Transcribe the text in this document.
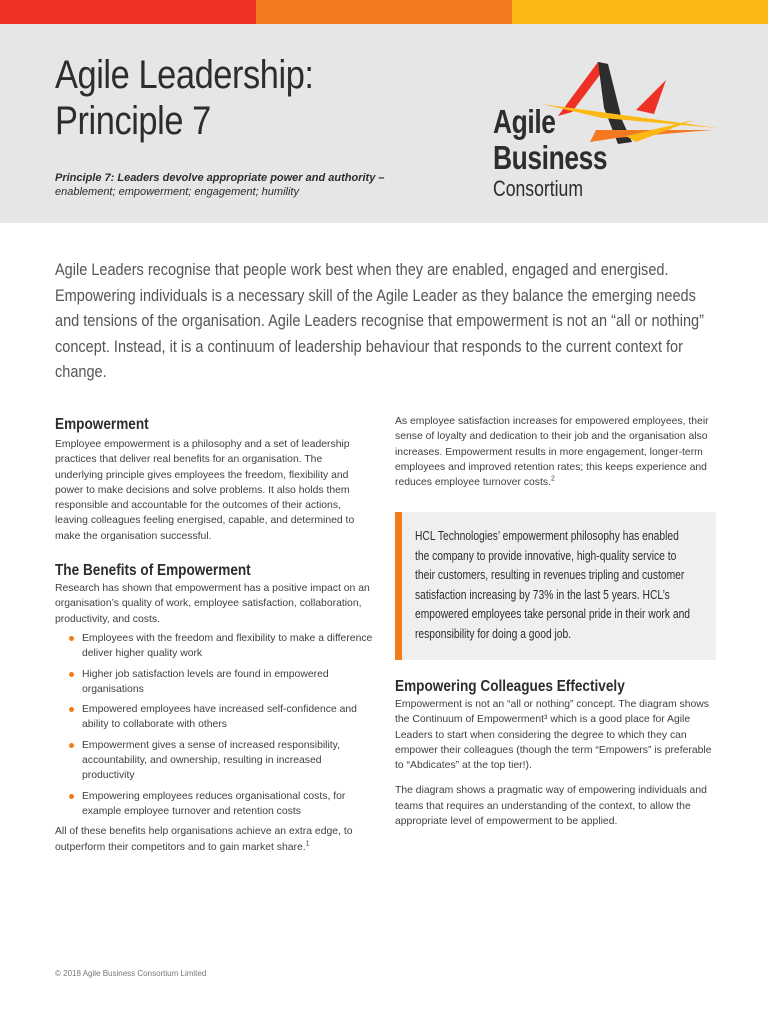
Agile Leadership:
Principle 7
Principle 7: Leaders devolve appropriate power and authority –
enablement; empowerment; engagement; humility
Agile
Business
Consortium

Agile Leaders recognise that people work best when they are enabled, engaged and energised. Empowering individuals is a necessary skill of the Agile Leader as they balance the emerging needs and tensions of the organisation. Agile Leaders recognise that empowerment is not an “all or nothing” concept. Instead, it is a continuum of leadership behaviour that responds to the current context for change.

Empowerment

Employee empowerment is a philosophy and a set of leadership practices that deliver real benefits for an organisation. The underlying principle gives employees the freedom, flexibility and power to make decisions and solve problems. It also holds them responsible and accountable for the outcomes of their actions, leaving colleagues feeling energised, capable, and determined to make the organisation successful.

The Benefits of Empowerment

Research has shown that empowerment has a positive impact on an organisation’s quality of work, employee satisfaction, collaboration, productivity, and costs.

Employees with the freedom and flexibility to make a difference deliver higher quality work
Higher job satisfaction levels are found in empowered organisations
Empowered employees have increased self-confidence and ability to collaborate with others
Empowerment gives a sense of increased responsibility, accountability, and ownership, resulting in increased productivity
Empowering employees reduces organisational costs, for example employee turnover and retention costs

All of these benefits help organisations achieve an extra edge, to outperform their competitors and to gain market share.$^1$

As employee satisfaction increases for empowered employees, their sense of loyalty and dedication to their job and the organisation also increases. Empowerment results in more engagement, longer-term employees and improved retention rates; this keeps experience and reduces employee turnover costs.$^2$

HCL Technologies’ empowerment philosophy has enabled the company to provide innovative, high-quality service to their customers, resulting in revenues tripling and customer satisfaction increasing by 73% in the last 5 years. HCL’s empowered employees take personal pride in their work and responsibility for doing a good job.
Empowering Colleagues Effectively

Empowerment is not an “all or nothing” concept. The diagram shows the Continuum of Empowerment³ which is a good place for Agile Leaders to start when considering the degree to which they can empower their colleagues (though the term “Empowers” is preferable to “Abdicates” at the top tier!).

The diagram shows a pragmatic way of empowering individuals and teams that requires an understanding of the context, to allow the appropriate level of empowerment to be applied.

© 2018 Agile Business Consortium Limited
